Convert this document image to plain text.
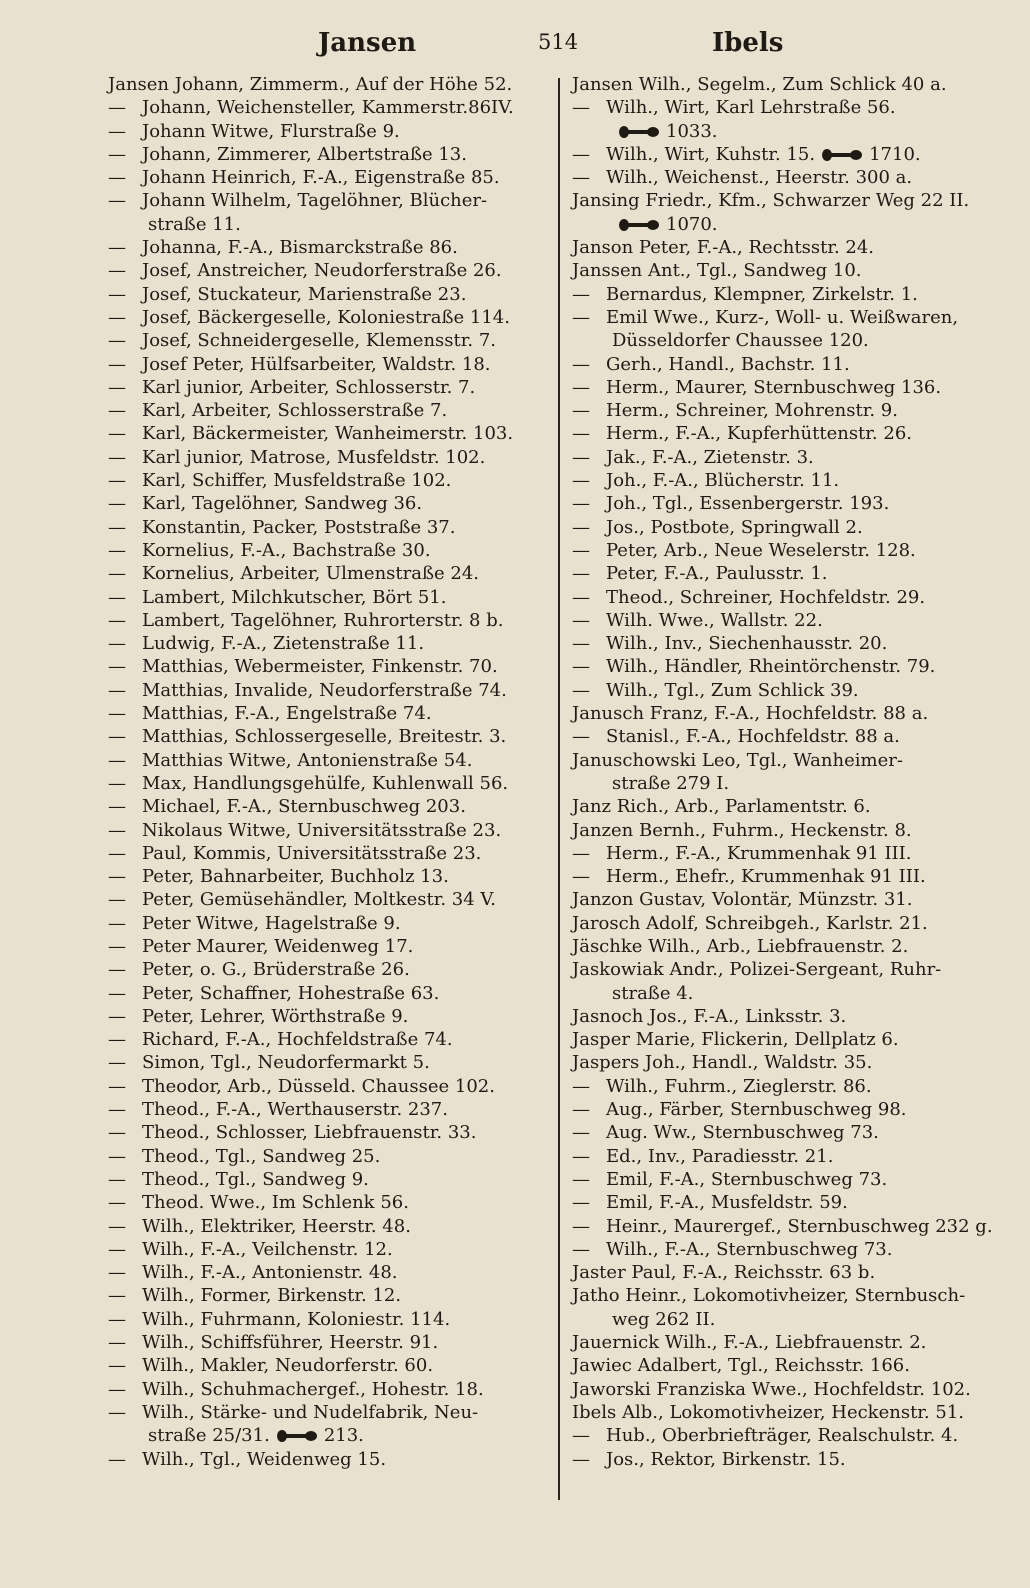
Jansen	514	Ibels
Jansen Johann, Zimmerm., Auf der Höhe 52.
— Johann, Weichensteller, Kammerstr.86IV.
— Johann Witwe, Flurstraße 9.
— Johann, Zimmerer, Albertstraße 13.
— Johann Heinrich, F.-A., Eigenstraße 85.
— Johann Wilhelm, Tagelöhner, Blücher-
straße 11.
— Johanna, F.-A., Bismarckstraße 86.
— Josef, Anstreicher, Neudorferstraße 26.
— Josef, Stuckateur, Marienstraße 23.
— Josef, Bäckergeselle, Koloniestraße 114.
— Josef, Schneidergeselle, Klemensstr. 7.
— Josef Peter, Hülfsarbeiter, Waldstr. 18.
— Karl junior, Arbeiter, Schlosserstr. 7.
— Karl, Arbeiter, Schlosserstraße 7.
— Karl, Bäckermeister, Wanheimerstr. 103.
— Karl junior, Matrose, Musfeldstr. 102.
— Karl, Schiffer, Musfeldstraße 102.
— Karl, Tagelöhner, Sandweg 36.
— Konstantin, Packer, Poststraße 37.
— Kornelius, F.-A., Bachstraße 30.
— Kornelius, Arbeiter, Ulmenstraße 24.
— Lambert, Milchkutscher, Bört 51.
— Lambert, Tagelöhner, Ruhrorterstr. 8 b.
— Ludwig, F.-A., Zietenstraße 11.
— Matthias, Webermeister, Finkenstr. 70.
— Matthias, Invalide, Neudorferstraße 74.
— Matthias, F.-A., Engelstraße 74.
— Matthias, Schlossergeselle, Breitestr. 3.
— Matthias Witwe, Antonienstraße 54.
— Max, Handlungsgehülfe, Kuhlenwall 56.
— Michael, F.-A., Sternbuschweg 203.
— Nikolaus Witwe, Universitätsstraße 23.
— Paul, Kommis, Universitätsstraße 23.
— Peter, Bahnarbeiter, Buchholz 13.
— Peter, Gemüsehändler, Moltkestr. 34 V.
— Peter Witwe, Hagelstraße 9.
— Peter Maurer, Weidenweg 17.
— Peter, o. G., Brüderstraße 26.
— Peter, Schaffner, Hohestraße 63.
— Peter, Lehrer, Wörthstraße 9.
— Richard, F.-A., Hochfeldstraße 74.
— Simon, Tgl., Neudorfermarkt 5.
— Theodor, Arb., Düsseld. Chaussee 102.
— Theod., F.-A., Werthauserstr. 237.
— Theod., Schlosser, Liebfrauenstr. 33.
— Theod., Tgl., Sandweg 25.
— Theod., Tgl., Sandweg 9.
— Theod. Wwe., Im Schlenk 56.
— Wilh., Elektriker, Heerstr. 48.
— Wilh., F.-A., Veilchenstr. 12.
— Wilh., F.-A., Antonienstr. 48.
— Wilh., Former, Birkenstr. 12.
— Wilh., Fuhrmann, Koloniestr. 114.
— Wilh., Schiffsführer, Heerstr. 91.
— Wilh., Makler, Neudorferstr. 60.
— Wilh., Schuhmachergef., Hohestr. 18.
— Wilh., Stärke- und Nudelfabrik, Neu-
straße 25/31.	213.
— Wilh., Tgl., Weidenweg 15.
Jansen Wilh., Segelm., Zum Schlick 40 a.
— Wilh., Wirt, Karl Lehrstraße 56.
1033.
— Wilh., Wirt, Kuhstr. 15.	1710.
— Wilh., Weichenst., Heerstr. 300 a.
Jansing Friedr., Kfm., Schwarzer Weg 22 II.
1070.
Janson Peter, F.-A., Rechtsstr. 24.
Janssen Ant., Tgl., Sandweg 10.
— Bernardus, Klempner, Zirkelstr. 1.
— Emil Wwe., Kurz-, Woll- u. Weißwaren,
Düsseldorfer Chaussee 120.
— Gerh., Handl., Bachstr. 11.
— Herm., Maurer, Sternbuschweg 136.
— Herm., Schreiner, Mohrenstr. 9.
— Herm., F.-A., Kupferhüttenstr. 26.
— Jak., F.-A., Zietenstr. 3.
— Joh., F.-A., Blücherstr. 11.
— Joh., Tgl., Essenbergerstr. 193.
— Jos., Postbote, Springwall 2.
— Peter, Arb., Neue Weselerstr. 128.
— Peter, F.-A., Paulusstr. 1.
— Theod., Schreiner, Hochfeldstr. 29.
— Wilh. Wwe., Wallstr. 22.
— Wilh., Inv., Siechenhausstr. 20.
— Wilh., Händler, Rheintörchenstr. 79.
— Wilh., Tgl., Zum Schlick 39.
Janusch Franz, F.-A., Hochfeldstr. 88 a.
— Stanisl., F.-A., Hochfeldstr. 88 a.
Januschowski Leo, Tgl., Wanheimer-
straße 279 I.
Janz Rich., Arb., Parlamentstr. 6.
Janzen Bernh., Fuhrm., Heckenstr. 8.
— Herm., F.-A., Krummenhak 91 III.
— Herm., Ehefr., Krummenhak 91 III.
Janzon Gustav, Volontär, Münzstr. 31.
Jarosch Adolf, Schreibgeh., Karlstr. 21.
Jäschke Wilh., Arb., Liebfrauenstr. 2.
Jaskowiak Andr., Polizei-Sergeant, Ruhr-
straße 4.
Jasnoch Jos., F.-A., Linksstr. 3.
Jasper Marie, Flickerin, Dellplatz 6.
Jaspers Joh., Handl., Waldstr. 35.
— Wilh., Fuhrm., Zieglerstr. 86.
— Aug., Färber, Sternbuschweg 98.
— Aug. Ww., Sternbuschweg 73.
— Ed., Inv., Paradiesstr. 21.
— Emil, F.-A., Sternbuschweg 73.
— Emil, F.-A., Musfeldstr. 59.
— Heinr., Maurergef., Sternbuschweg 232 g.
— Wilh., F.-A., Sternbuschweg 73.
Jaster Paul, F.-A., Reichsstr. 63 b.
Jatho Heinr., Lokomotivheizer, Sternbusch-
weg 262 II.
Jauernick Wilh., F.-A., Liebfrauenstr. 2.
Jawiec Adalbert, Tgl., Reichsstr. 166.
Jaworski Franziska Wwe., Hochfeldstr. 102.
Ibels Alb., Lokomotivheizer, Heckenstr. 51.
— Hub., Oberbriefträger, Realschulstr. 4.
— Jos., Rektor, Birkenstr. 15.
